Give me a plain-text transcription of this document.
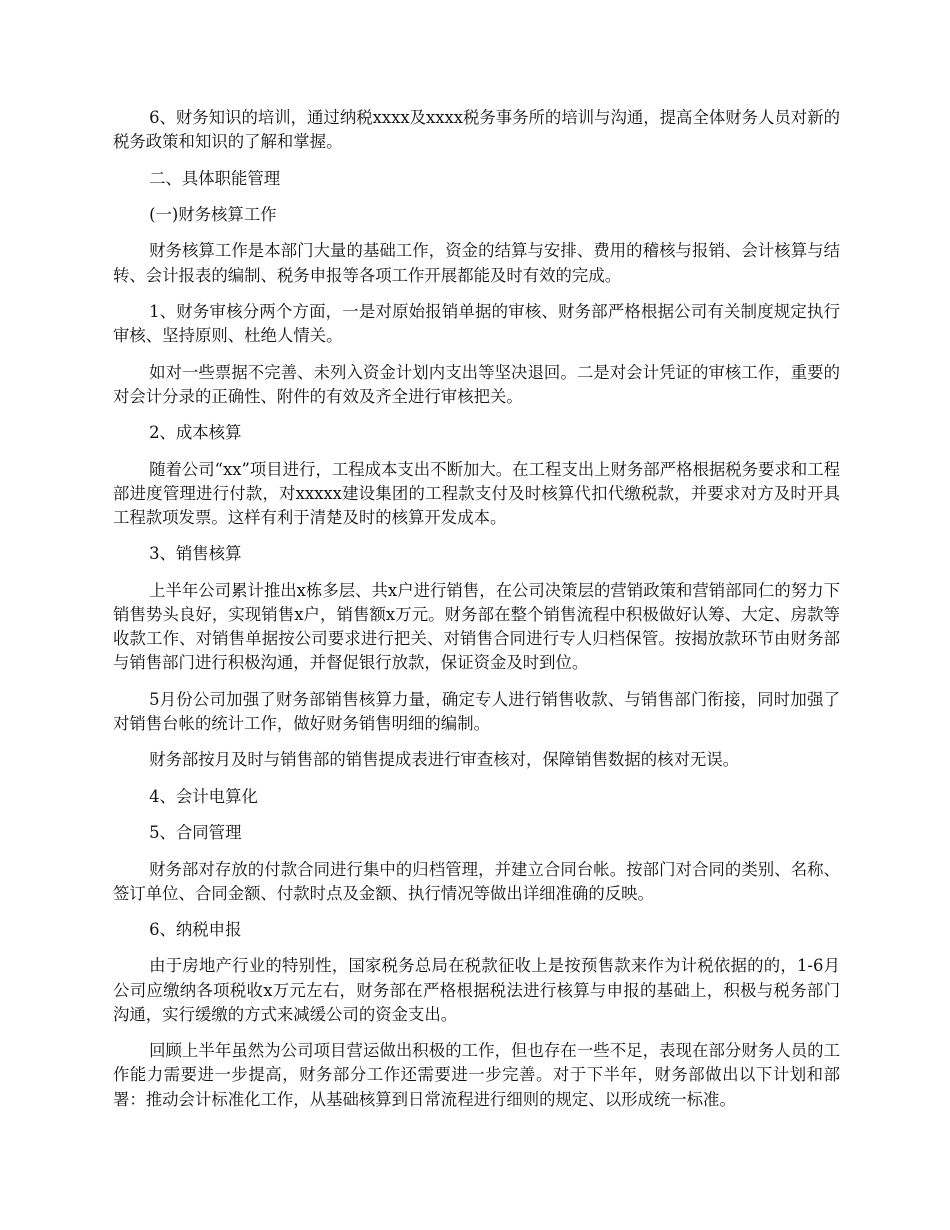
6、财务知识的培训，通过纳税xxxx及xxxx税务事务所的培训与沟通，提高全体财务人员对新的税务政策和知识的了解和掌握。

二、具体职能管理

(一)财务核算工作

财务核算工作是本部门大量的基础工作，资金的结算与安排、费用的稽核与报销、会计核算与结转、会计报表的编制、税务申报等各项工作开展都能及时有效的完成。

1、财务审核分两个方面，一是对原始报销单据的审核、财务部严格根据公司有关制度规定执行审核、坚持原则、杜绝人情关。

如对一些票据不完善、未列入资金计划内支出等坚决退回。二是对会计凭证的审核工作，重要的对会计分录的正确性、附件的有效及齐全进行审核把关。

2、成本核算

随着公司“xx”项目进行，工程成本支出不断加大。在工程支出上财务部严格根据税务要求和工程部进度管理进行付款，对xxxxx建设集团的工程款支付及时核算代扣代缴税款，并要求对方及时开具工程款项发票。这样有利于清楚及时的核算开发成本。

3、销售核算

上半年公司累计推出x栋多层、共x户进行销售，在公司决策层的营销政策和营销部同仁的努力下销售势头良好，实现销售x户，销售额x万元。财务部在整个销售流程中积极做好认筹、大定、房款等收款工作、对销售单据按公司要求进行把关、对销售合同进行专人归档保管。按揭放款环节由财务部与销售部门进行积极沟通，并督促银行放款，保证资金及时到位。

5月份公司加强了财务部销售核算力量，确定专人进行销售收款、与销售部门衔接，同时加强了对销售台帐的统计工作，做好财务销售明细的编制。

财务部按月及时与销售部的销售提成表进行审查核对，保障销售数据的核对无误。

4、会计电算化

5、合同管理

财务部对存放的付款合同进行集中的归档管理，并建立合同台帐。按部门对合同的类别、名称、签订单位、合同金额、付款时点及金额、执行情况等做出详细准确的反映。

6、纳税申报

由于房地产行业的特别性，国家税务总局在税款征收上是按预售款来作为计税依据的的，1-6月公司应缴纳各项税收x万元左右，财务部在严格根据税法进行核算与申报的基础上，积极与税务部门沟通，实行缓缴的方式来减缓公司的资金支出。

回顾上半年虽然为公司项目营运做出积极的工作，但也存在一些不足，表现在部分财务人员的工作能力需要进一步提高，财务部分工作还需要进一步完善。对于下半年，财务部做出以下计划和部署：推动会计标准化工作，从基础核算到日常流程进行细则的规定、以形成统一标准。
